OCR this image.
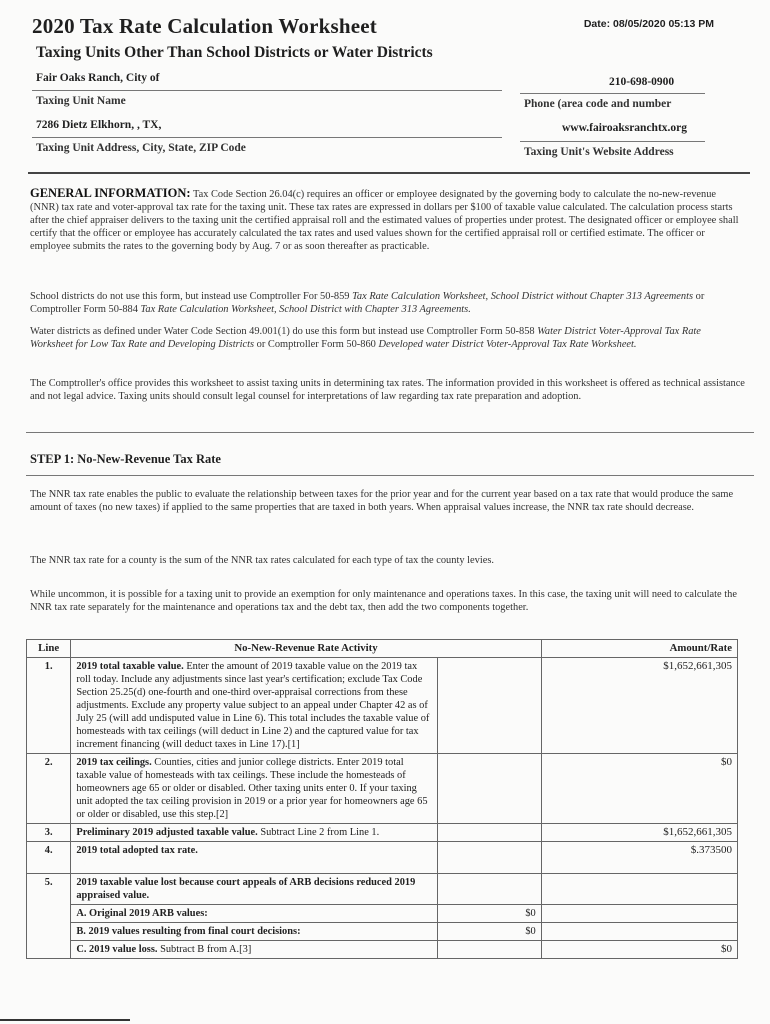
2020 Tax Rate Calculation Worksheet
Taxing Units Other Than School Districts or Water Districts
Date: 08/05/2020 05:13 PM
Fair Oaks Ranch, City of
Taxing Unit Name
210-698-0900
Phone (area code and number
7286 Dietz Elkhorn, , TX,
Taxing Unit Address, City, State, ZIP Code
www.fairoaksranchtx.org
Taxing Unit's Website Address
GENERAL INFORMATION: Tax Code Section 26.04(c) requires an officer or employee designated by the governing body to calculate the no-new-revenue (NNR) tax rate and voter-approval tax rate for the taxing unit. These tax rates are expressed in dollars per $100 of taxable value calculated. The calculation process starts after the chief appraiser delivers to the taxing unit the certified appraisal roll and the estimated values of properties under protest. The designated officer or employee shall certify that the officer or employee has accurately calculated the tax rates and used values shown for the certified appraisal roll or certified estimate. The officer or employee submits the rates to the governing body by Aug. 7 or as soon thereafter as practicable.
School districts do not use this form, but instead use Comptroller For 50-859 Tax Rate Calculation Worksheet, School District without Chapter 313 Agreements or Comptroller Form 50-884 Tax Rate Calculation Worksheet, School District with Chapter 313 Agreements.
Water districts as defined under Water Code Section 49.001(1) do use this form but instead use Comptroller Form 50-858 Water District Voter-Approval Tax Rate Worksheet for Low Tax Rate and Developing Districts or Comptroller Form 50-860 Developed water District Voter-Approval Tax Rate Worksheet.
The Comptroller's office provides this worksheet to assist taxing units in determining tax rates. The information provided in this worksheet is offered as technical assistance and not legal advice. Taxing units should consult legal counsel for interpretations of law regarding tax rate preparation and adoption.
STEP 1: No-New-Revenue Tax Rate
The NNR tax rate enables the public to evaluate the relationship between taxes for the prior year and for the current year based on a tax rate that would produce the same amount of taxes (no new taxes) if applied to the same properties that are taxed in both years. When appraisal values increase, the NNR tax rate should decrease.
The NNR tax rate for a county is the sum of the NNR tax rates calculated for each type of tax the county levies.
While uncommon, it is possible for a taxing unit to provide an exemption for only maintenance and operations taxes. In this case, the taxing unit will need to calculate the NNR tax rate separately for the maintenance and operations tax and the debt tax, then add the two components together.
Line	No-New-Revenue Rate Activity		Amount/Rate
1.	2019 total taxable value. Enter the amount of 2019 taxable value on the 2019 tax roll today. Include any adjustments since last year's certification; exclude Tax Code Section 25.25(d) one-fourth and one-third over-appraisal corrections from these adjustments. Exclude any property value subject to an appeal under Chapter 42 as of July 25 (will add undisputed value in Line 6). This total includes the taxable value of homesteads with tax ceilings (will deduct in Line 2) and the captured value for tax increment financing (will deduct taxes in Line 17).[1]		$1,652,661,305
2.	2019 tax ceilings. Counties, cities and junior college districts. Enter 2019 total taxable value of homesteads with tax ceilings. These include the homesteads of homeowners age 65 or older or disabled. Other taxing units enter 0. If your taxing unit adopted the tax ceiling provision in 2019 or a prior year for homeowners age 65 or older or disabled, use this step.[2]		$0
3.	Preliminary 2019 adjusted taxable value. Subtract Line 2 from Line 1.		$1,652,661,305
4.	2019 total adopted tax rate.		$.373500
5.	2019 taxable value lost because court appeals of ARB decisions reduced 2019 appraised value.		
	A. Original 2019 ARB values:	$0	
	B. 2019 values resulting from final court decisions:	$0	
	C. 2019 value loss. Subtract B from A.[3]		$0
